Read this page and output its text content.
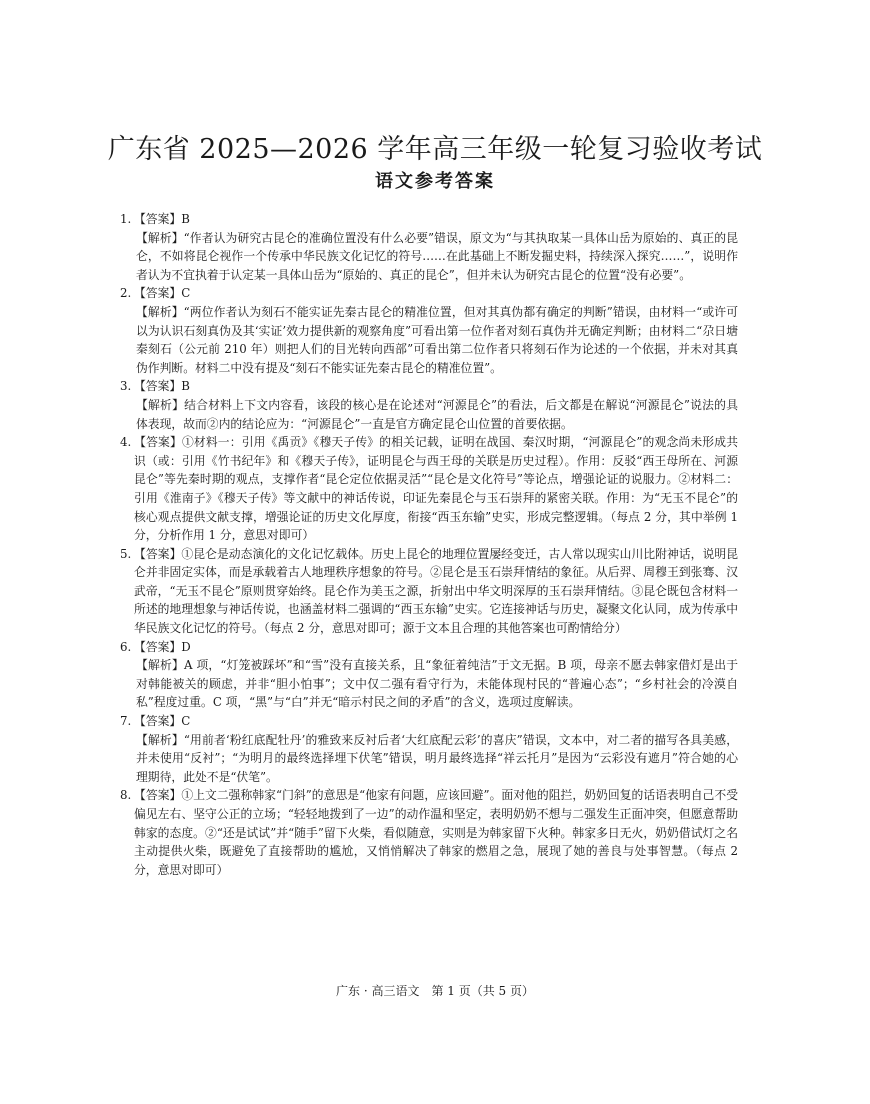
广东省 2025—2026 学年高三年级一轮复习验收考试
语文参考答案
1. 【答案】B
【解析】“作者认为研究古昆仑的准确位置没有什么必要”错误，原文为“与其执取某一具体山岳为原始的、真正的昆仑，不如将昆仑视作一个传承中华民族文化记忆的符号……在此基础上不断发掘史料，持续深入探究……”，说明作者认为不宜执着于认定某一具体山岳为“原始的、真正的昆仑”，但并未认为研究古昆仑的位置“没有必要”。
2. 【答案】C
【解析】“两位作者认为刻石不能实证先秦古昆仑的精准位置，但对其真伪都有确定的判断”错误，由材料一“或许可以为认识石刻真伪及其‘实证’效力提供新的观察角度”可看出第一位作者对刻石真伪并无确定判断；由材料二“尕日塘秦刻石（公元前 210 年）则把人们的目光转向西部”可看出第二位作者只将刻石作为论述的一个依据，并未对其真伪作判断。材料二中没有提及“刻石不能实证先秦古昆仑的精准位置”。
3. 【答案】B
【解析】结合材料上下文内容看，该段的核心是在论述对“河源昆仑”的看法，后文都是在解说“河源昆仑”说法的具体表现，故而②内的结论应为：“河源昆仑”一直是官方确定昆仑山位置的首要依据。
4. 【答案】①材料一：引用《禹贡》《穆天子传》的相关记载，证明在战国、秦汉时期，“河源昆仑”的观念尚未形成共识（或：引用《竹书纪年》和《穆天子传》，证明昆仑与西王母的关联是历史过程）。作用：反驳“西王母所在、河源昆仑”等先秦时期的观点，支撑作者“昆仑定位依据灵活”“昆仑是文化符号”等论点，增强论证的说服力。②材料二：引用《淮南子》《穆天子传》等文献中的神话传说，印证先秦昆仑与玉石崇拜的紧密关联。作用：为“无玉不昆仑”的核心观点提供文献支撑，增强论证的历史文化厚度，衔接“西玉东输”史实，形成完整逻辑。（每点 2 分，其中举例 1 分，分析作用 1 分，意思对即可）
5. 【答案】①昆仑是动态演化的文化记忆载体。历史上昆仑的地理位置屡经变迁，古人常以现实山川比附神话，说明昆仑并非固定实体，而是承载着古人地理秩序想象的符号。②昆仑是玉石崇拜情结的象征。从后羿、周穆王到张骞、汉武帝，“无玉不昆仑”原则贯穿始终。昆仑作为美玉之源，折射出中华文明深厚的玉石崇拜情结。③昆仑既包含材料一所述的地理想象与神话传说，也涵盖材料二强调的“西玉东输”史实。它连接神话与历史，凝聚文化认同，成为传承中华民族文化记忆的符号。（每点 2 分，意思对即可；源于文本且合理的其他答案也可酌情给分）
6. 【答案】D
【解析】A 项，“灯笼被踩坏”和“雪”没有直接关系，且“象征着纯洁”于文无据。B 项，母亲不愿去韩家借灯是出于对韩能被关的顾虑，并非“胆小怕事”；文中仅二强有看守行为，未能体现村民的“普遍心态”；“乡村社会的冷漠自私”程度过重。C 项，“黑”与“白”并无“暗示村民之间的矛盾”的含义，选项过度解读。
7. 【答案】C
【解析】“用前者‘粉红底配牡丹’的雅致来反衬后者‘大红底配云彩’的喜庆”错误，文本中，对二者的描写各具美感，并未使用“反衬”；“为明月的最终选择埋下伏笔”错误，明月最终选择“祥云托月”是因为“云彩没有遮月”符合她的心理期待，此处不是“伏笔”。
8. 【答案】①上文二强称韩家“门斜”的意思是“他家有问题，应该回避”。面对他的阻拦，奶奶回复的话语表明自己不受偏见左右、坚守公正的立场；“轻轻地拨到了一边”的动作温和坚定，表明奶奶不想与二强发生正面冲突，但愿意帮助韩家的态度。②“还是试试”并“随手”留下火柴，看似随意，实则是为韩家留下火种。韩家多日无火，奶奶借试灯之名主动提供火柴，既避免了直接帮助的尴尬，又悄悄解决了韩家的燃眉之急，展现了她的善良与处事智慧。（每点 2 分，意思对即可）
广东 · 高三语文　第 1 页（共 5 页）
